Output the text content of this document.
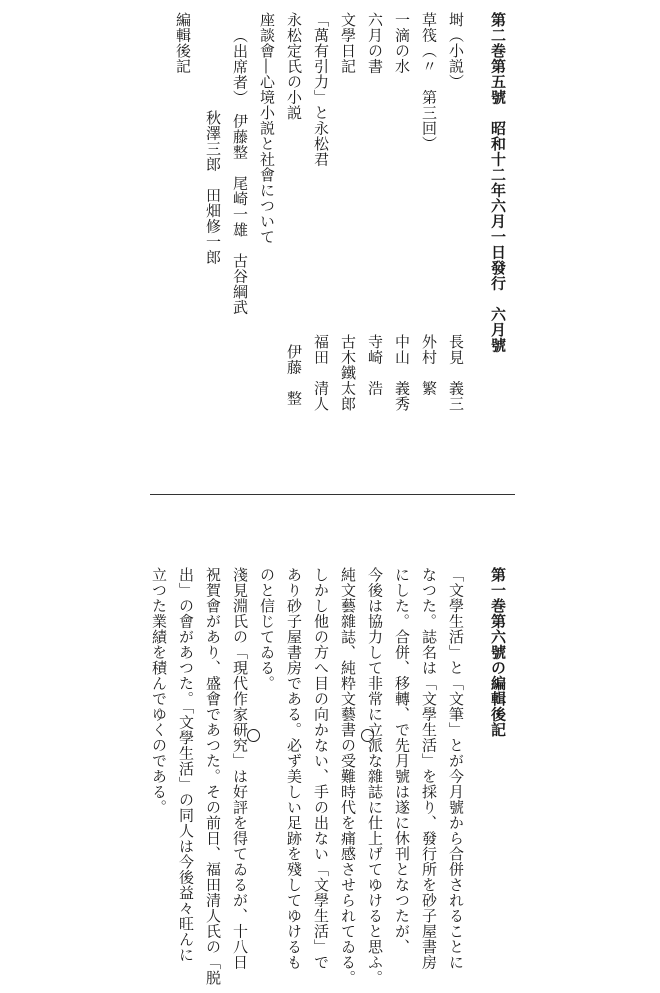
第二巻第五號　昭和十二年六月一日發行　六月號
埘（小説）
草筏（〃　第三回）
一滴の水
六月の書
文學日記
「萬有引力」と永松君
永松定氏の小説
長見　義三
外村　繁
中山　義秀
寺崎　浩
古木鐵太郎
福田　清人
伊藤　整
座談會―心境小説と社會について
（出席者）　伊藤整　尾崎一雄　古谷綱武
秋澤三郎　田畑修一郎
編輯後記
第一巻第六號の編輯後記
「文學生活」と「文筆」とが今月號から合併されることに
なつた。誌名は「文學生活」を採り、發行所を砂子屋書房
にした。合併、移轉、で先月號は遂に休刊となつたが、
今後は協力して非常に立派な雜誌に仕上げてゆけると思ふ。
純文藝雜誌、純粋文藝書の受難時代を痛感させられてゐる。
しかし他の方へ目の向かない、手の出ない「文學生活」で
あり砂子屋書房である。必ず美しい足跡を殘してゆけるも
のと信じてゐる。
淺見淵氏の「現代作家研究」は好評を得てゐるが、十八日
祝賀會があり、盛會であつた。その前日、福田清人氏の「脱
出」の會があつた。「文學生活」の同人は今後益々旺んに
立つた業績を積んでゆくのである。
